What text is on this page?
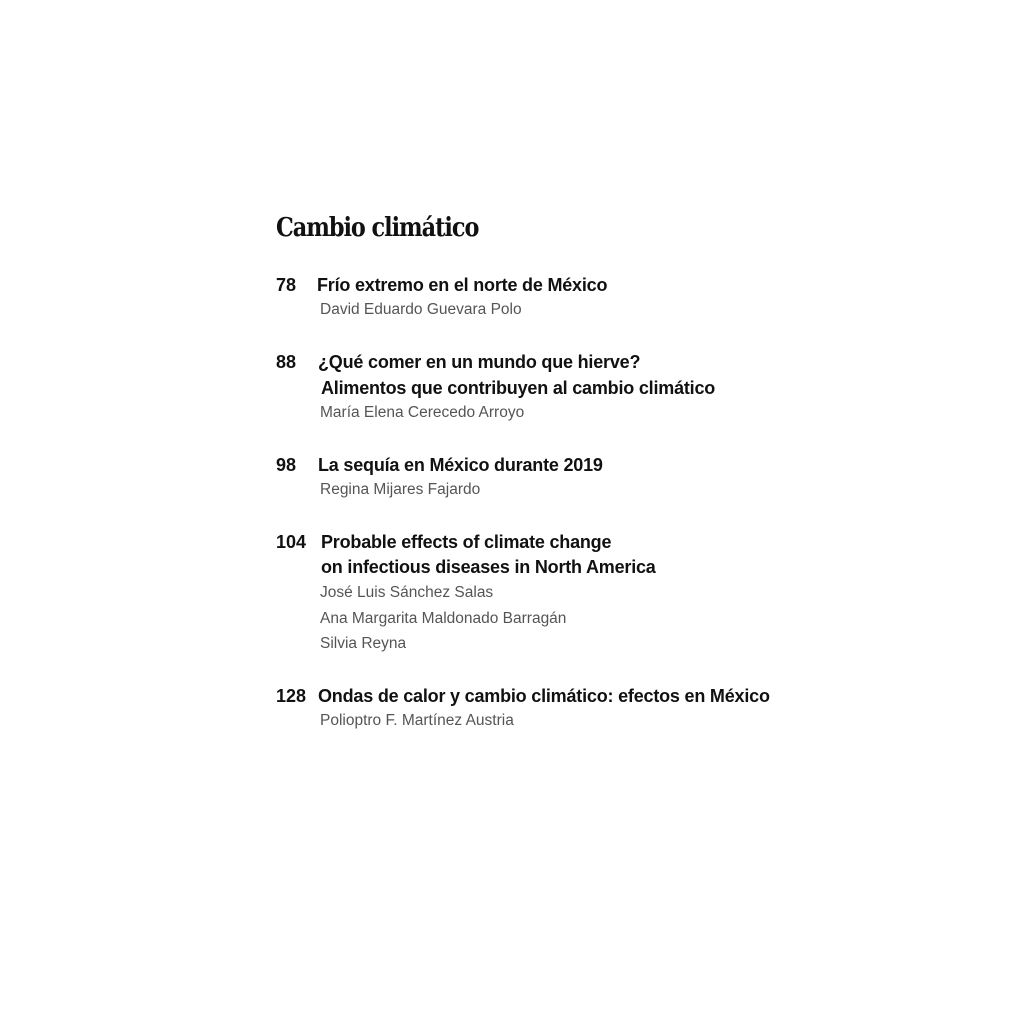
Cambio climático
78 Frío extremo en el norte de México
David Eduardo Guevara Polo
88 ¿Qué comer en un mundo que hierve?
Alimentos que contribuyen al cambio climático
María Elena Cerecedo Arroyo
98 La sequía en México durante 2019
Regina Mijares Fajardo
104 Probable effects of climate change
on infectious diseases in North America
José Luis Sánchez Salas
Ana Margarita Maldonado Barragán
Silvia Reyna
128 Ondas de calor y cambio climático: efectos en México
Polioptro F. Martínez Austria
